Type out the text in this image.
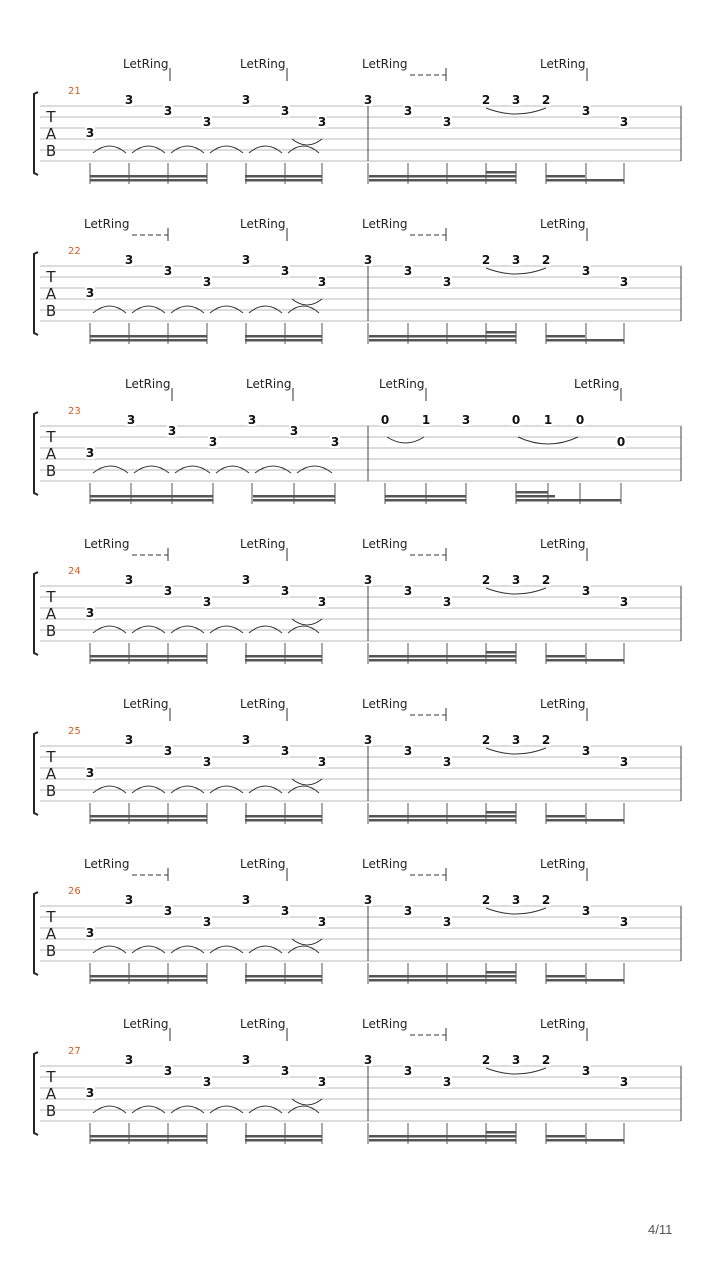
T
A
B
21
LetRing	LetRing	LetRing	LetRing
3
3
3
3
3
3
3
3
3
3
2 3 2
3
3
T
A
B
22
LetRing	LetRing	LetRing	LetRing
3
3
3
3
3
3
3
3
3
3
2 3 2
3
3
T
A
B
23
LetRing	LetRing	LetRing	LetRing
3
3
3
3
3
3
3
0	1	3	0 1 0
0
T
A
B
24
LetRing	LetRing	LetRing	LetRing
3
3
3
3
3
3
3
3
3
3
2 3 2
3
3
T
A
B
25
LetRing	LetRing	LetRing	LetRing
3
3
3
3
3
3
3
3
3
3
2 3 2
3
3
T
A
B
26
LetRing	LetRing	LetRing	LetRing
3
3
3
3
3
3
3
3
3
3
2 3 2
3
3
T
A
B
27
LetRing	LetRing	LetRing	LetRing
3
3
3
3
3
3
3
3
3
3
2 3 2
3
3
4/11
